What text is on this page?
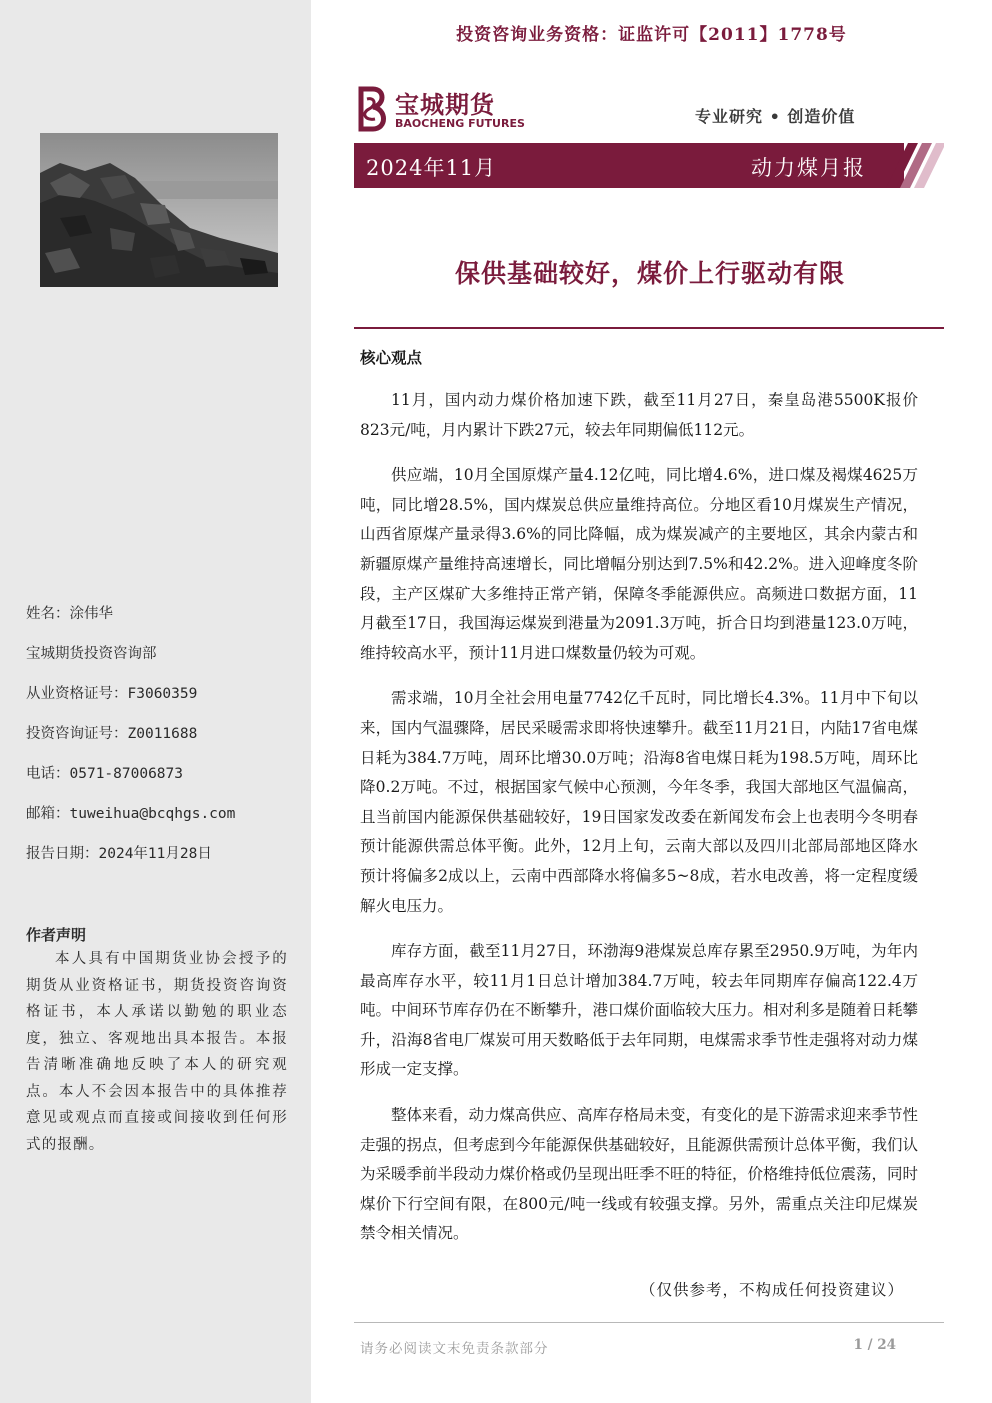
姓名：涂伟华
宝城期货投资咨询部
从业资格证号：F3060359
投资咨询证号：Z0011688
电话：0571-87006873
邮箱：tuweihua@bcqhgs.com
报告日期：2024年11月28日
作者声明
本人具有中国期货业协会授予的期货从业资格证书，期货投资咨询资格证书，本人承诺以勤勉的职业态度，独立、客观地出具本报告。本报告清晰准确地反映了本人的研究观点。本人不会因本报告中的具体推荐意见或观点而直接或间接收到任何形式的报酬。
投资咨询业务资格：证监许可【2011】1778号
宝城期货
BAOCHENG FUTURES	专业研究 • 创造价值
2024年11月	动力煤月报
保供基础较好，煤价上行驱动有限
核心观点

11月，国内动力煤价格加速下跌，截至11月27日，秦皇岛港5500K报价823元/吨，月内累计下跌27元，较去年同期偏低112元。

供应端，10月全国原煤产量4.12亿吨，同比增4.6%，进口煤及褐煤4625万吨，同比增28.5%，国内煤炭总供应量维持高位。分地区看10月煤炭生产情况，山西省原煤产量录得3.6%的同比降幅，成为煤炭减产的主要地区，其余内蒙古和新疆原煤产量维持高速增长，同比增幅分别达到7.5%和42.2%。进入迎峰度冬阶段，主产区煤矿大多维持正常产销，保障冬季能源供应。高频进口数据方面，11月截至17日，我国海运煤炭到港量为2091.3万吨，折合日均到港量123.0万吨，维持较高水平，预计11月进口煤数量仍较为可观。

需求端，10月全社会用电量7742亿千瓦时，同比增长4.3%。11月中下旬以来，国内气温骤降，居民采暖需求即将快速攀升。截至11月21日，内陆17省电煤日耗为384.7万吨，周环比增30.0万吨；沿海8省电煤日耗为198.5万吨，周环比降0.2万吨。不过，根据国家气候中心预测，今年冬季，我国大部地区气温偏高，且当前国内能源保供基础较好，19日国家发改委在新闻发布会上也表明今冬明春预计能源供需总体平衡。此外，12月上旬，云南大部以及四川北部局部地区降水预计将偏多2成以上，云南中西部降水将偏多5~8成，若水电改善，将一定程度缓解火电压力。

库存方面，截至11月27日，环渤海9港煤炭总库存累至2950.9万吨，为年内最高库存水平，较11月1日总计增加384.7万吨，较去年同期库存偏高122.4万吨。中间环节库存仍在不断攀升，港口煤价面临较大压力。相对利多是随着日耗攀升，沿海8省电厂煤炭可用天数略低于去年同期，电煤需求季节性走强将对动力煤形成一定支撑。

整体来看，动力煤高供应、高库存格局未变，有变化的是下游需求迎来季节性走强的拐点，但考虑到今年能源保供基础较好，且能源供需预计总体平衡，我们认为采暖季前半段动力煤价格或仍呈现出旺季不旺的特征，价格维持低位震荡，同时煤价下行空间有限，在800元/吨一线或有较强支撑。另外，需重点关注印尼煤炭禁令相关情况。

（仅供参考，不构成任何投资建议）
请务必阅读文末免责条款部分	1 / 24
